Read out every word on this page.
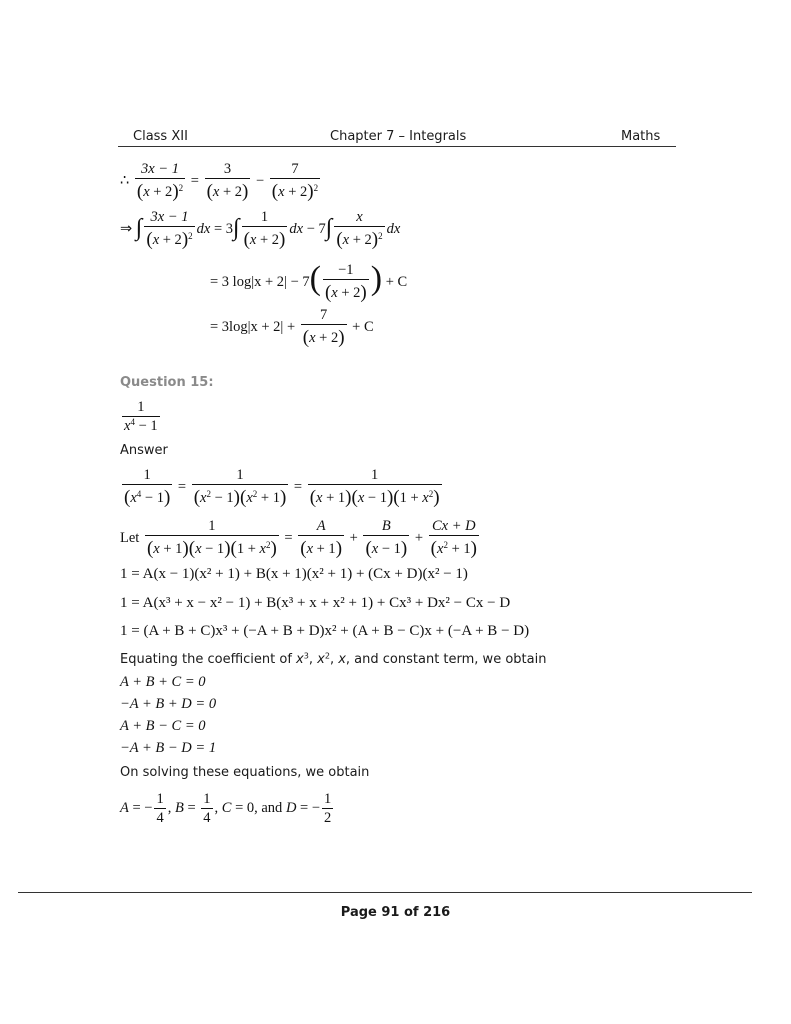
Class XII	Chapter 7 – Integrals	Maths
∴ $\frac{3x - 1}{(x + 2)^2} = \frac{3}{(x + 2)} - \frac{7}{(x + 2)^2}$
⇒ ∫ $\frac{3x - 1}{(x + 2)^2}$ dx = $3\int \frac{1}{(x + 2)}$ dx − $7\int \frac{x}{(x + 2)^2}$ dx
= 3 $\log|x + 2| - 7( \frac{-1}{(x + 2)}$ ) + C
= $3\log|x + 2| + \frac{7}{(x + 2)} + C$
Question 15:
$\frac{1}{x^4 - 1}$
Answer
$\frac{1}{(x^4 - 1)} = \frac{1}{(x^2 - 1)(x^2 + 1)} = \frac{1}{(x + 1)(x - 1)(1 + x^2)}$
Let $\frac{1}{(x + 1)(x - 1)(1 + x^2)} = \frac{A}{(x + 1)} + \frac{B}{(x - 1)} + \frac{Cx + D}{(x^2 + 1)}$
1 = A(x − 1)(x² + 1) + B(x + 1)(x² + 1) + (Cx + D)(x² − 1)
1 = A(x³ + x − x² − 1) + B(x³ + x + x² + 1) + Cx³ + Dx² − Cx − D
1 = (A + B + C)x³ + (−A + B + D)x² + (A + B − C)x + (−A + B − D)
Equating the coefficient of $x^3$, $x^2$, x, and constant term, we obtain
A + B + C = 0
−A + B + D = 0
A + B − C = 0
−A + B − D = 1
On solving these equations, we obtain
A = − $\frac{1}{4}$ , $B = \frac{1}{4}$ , C = 0, and D = − $\frac{1}{2}$
Page 91 of 216
